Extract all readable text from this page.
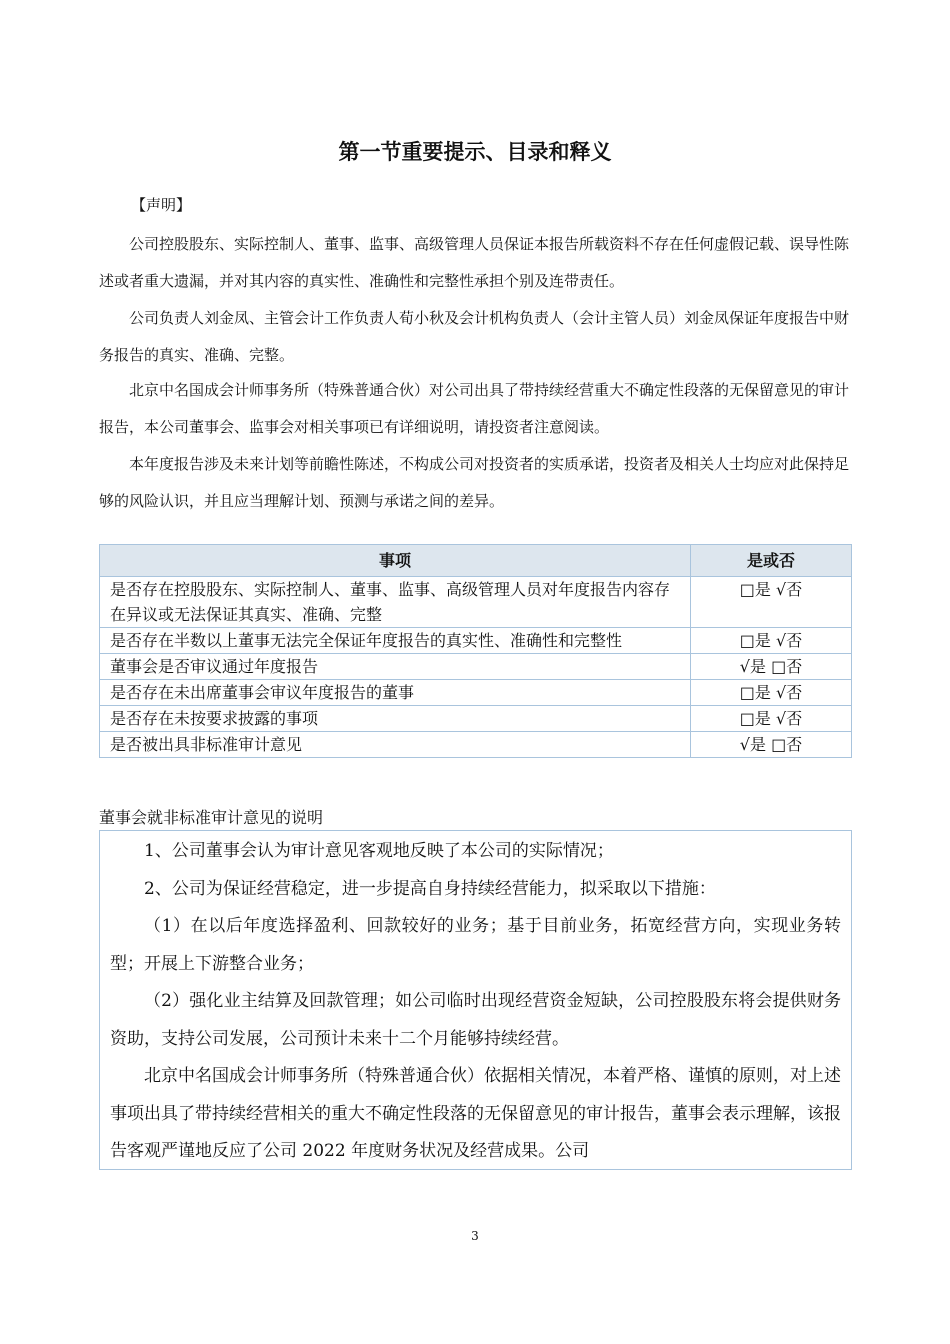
第一节重要提示、目录和释义
【声明】

公司控股股东、实际控制人、董事、监事、高级管理人员保证本报告所载资料不存在任何虚假记载、误导性陈述或者重大遗漏，并对其内容的真实性、准确性和完整性承担个别及连带责任。

公司负责人刘金凤、主管会计工作负责人荀小秋及会计机构负责人（会计主管人员）刘金凤保证年度报告中财务报告的真实、准确、完整。

北京中名国成会计师事务所（特殊普通合伙）对公司出具了带持续经营重大不确定性段落的无保留意见的审计报告，本公司董事会、监事会对相关事项已有详细说明，请投资者注意阅读。

本年度报告涉及未来计划等前瞻性陈述，不构成公司对投资者的实质承诺，投资者及相关人士均应对此保持足够的风险认识，并且应当理解计划、预测与承诺之间的差异。

事项	是或否
是否存在控股股东、实际控制人、董事、监事、高级管理人员对年度报告内容存在异议或无法保证其真实、准确、完整	□是 √否
是否存在半数以上董事无法完全保证年度报告的真实性、准确性和完整性	□是 √否
董事会是否审议通过年度报告	√是 □否
是否存在未出席董事会审议年度报告的董事	□是 √否
是否存在未按要求披露的事项	□是 √否
是否被出具非标准审计意见	√是 □否
董事会就非标准审计意见的说明

1、公司董事会认为审计意见客观地反映了本公司的实际情况；

2、公司为保证经营稳定，进一步提高自身持续经营能力，拟采取以下措施：

（1）在以后年度选择盈利、回款较好的业务；基于目前业务，拓宽经营方向，实现业务转型；开展上下游整合业务；

（2）强化业主结算及回款管理；如公司临时出现经营资金短缺，公司控股股东将会提供财务资助，支持公司发展，公司预计未来十二个月能够持续经营。

北京中名国成会计师事务所（特殊普通合伙）依据相关情况，本着严格、谨慎的原则，对上述事项出具了带持续经营相关的重大不确定性段落的无保留意见的审计报告，董事会表示理解，该报告客观严谨地反应了公司 2022 年度财务状况及经营成果。公司

3
